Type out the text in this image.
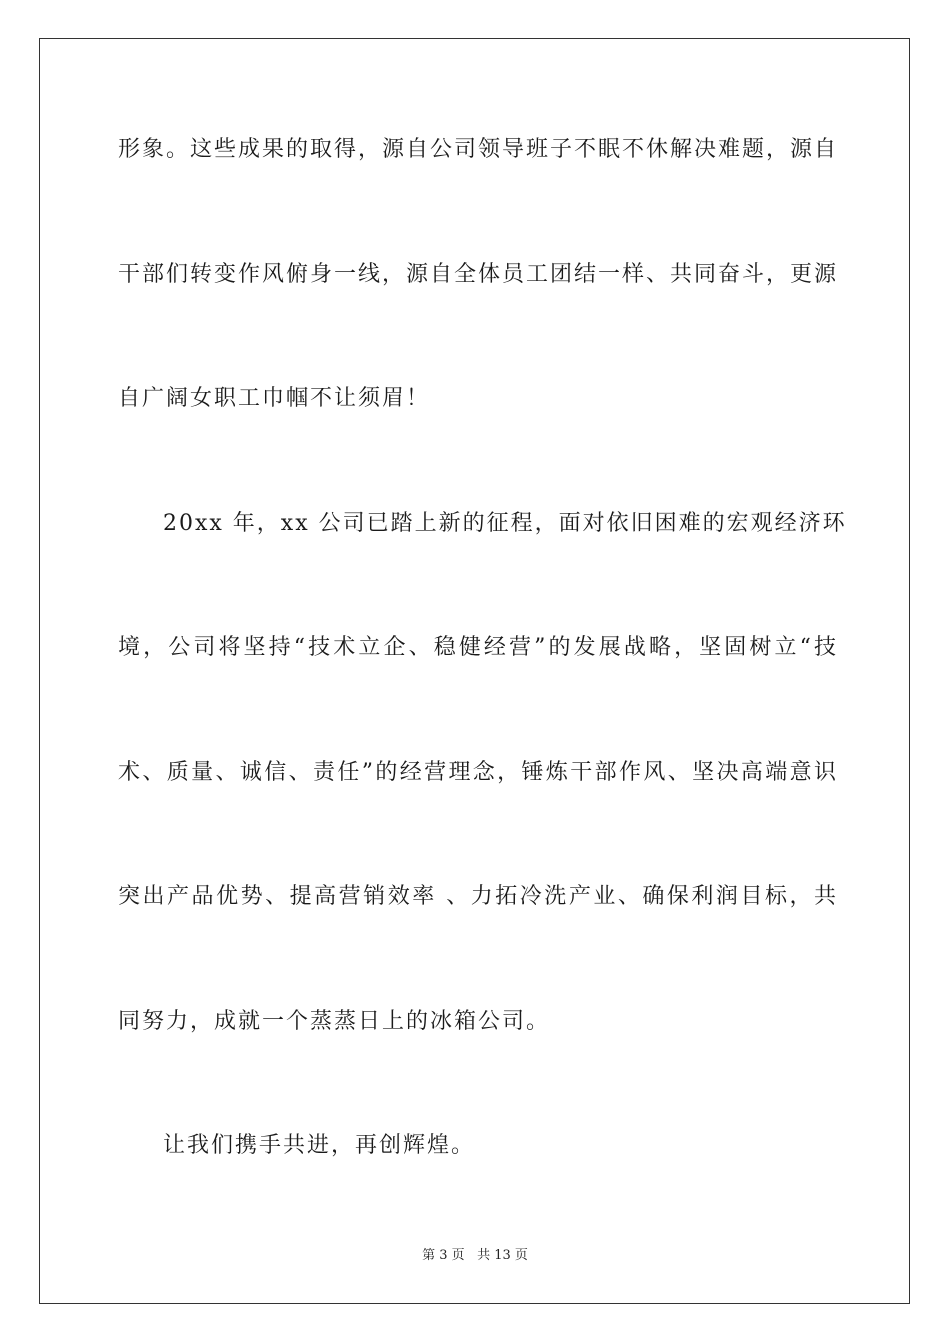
形象。这些成果的取得，源自公司领导班子不眠不休解决难题，源自
干部们转变作风俯身一线，源自全体员工团结一样、共同奋斗，更源
自广阔女职工巾帼不让须眉！
20xx 年，xx 公司已踏上新的征程，面对依旧困难的宏观经济环
境，公司将坚持“技术立企、稳健经营”的发展战略，坚固树立“技
术、质量、诚信、责任”的经营理念，锤炼干部作风、坚决高端意识
突出产品优势、提高营销效率 、力拓冷洗产业、确保利润目标，共
同努力，成就一个蒸蒸日上的冰箱公司。
让我们携手共进，再创辉煌。
第 3 页 共 13 页
